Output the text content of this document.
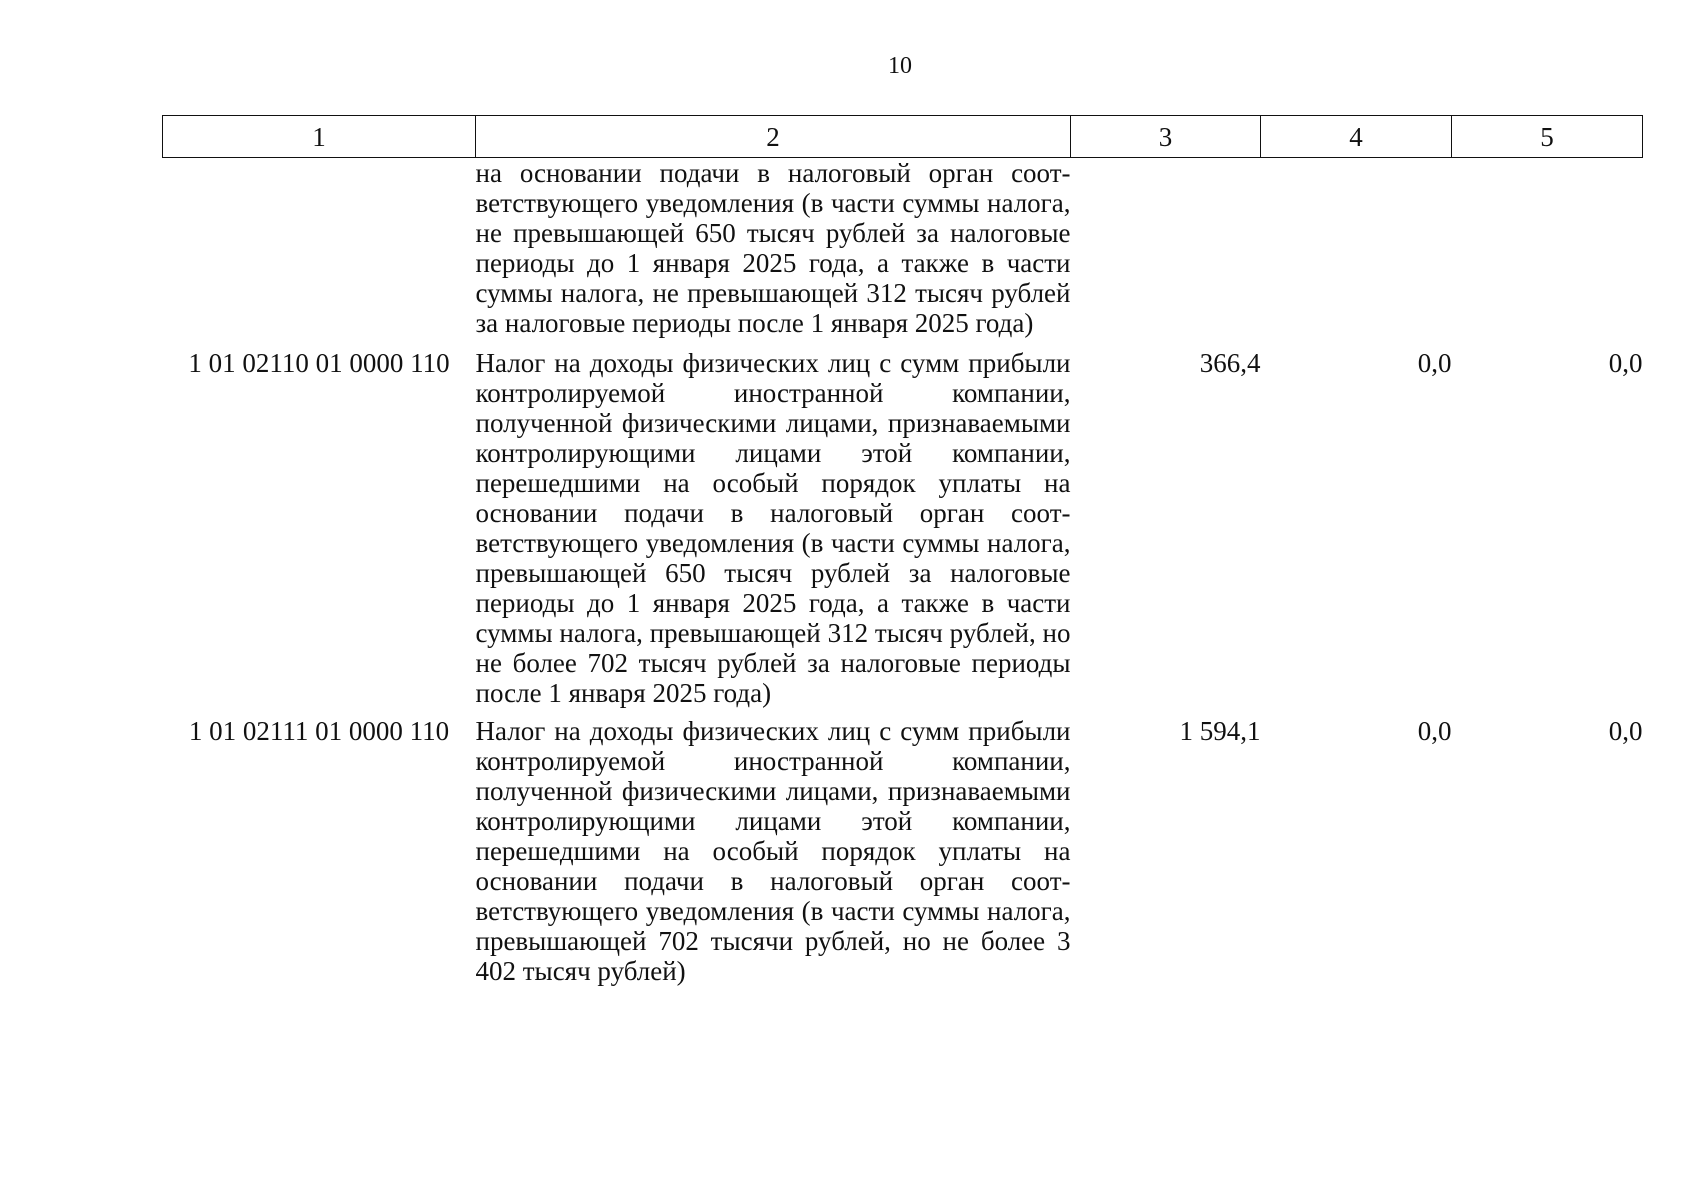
10
1	2	3	4	5
	на основании подачи в налоговый орган соответствующего уведомления (в части суммы налога, не превышающей 650 тысяч рублей за налоговые периоды до 1 января 2025 года, а также в части суммы налога, не превышающей 312 тысяч рублей за налоговые периоды после 1 января 2025 года)			
1 01 02110 01 0000 110	Налог на доходы физических лиц с сумм прибыли контролируемой иностранной компании, полученной физическими лицами, признаваемыми контролирующими лицами этой компании, перешедшими на особый порядок уплаты на основании подачи в налоговый орган соответствующего уведомления (в части суммы налога, превышающей 650 тысяч рублей за налоговые периоды до 1 января 2025 года, а также в части суммы налога, превышающей 312 тысяч рублей, но не более 702 тысяч рублей за налоговые периоды после 1 января 2025 года)	366,4	0,0	0,0
1 01 02111 01 0000 110	Налог на доходы физических лиц с сумм прибыли контролируемой иностранной компании, полученной физическими лицами, признаваемыми контролирующими лицами этой компании, перешедшими на особый порядок уплаты на основании подачи в налоговый орган соответствующего уведомления (в части суммы налога, превышающей 702 тысячи рублей, но не более 3 402 тысяч рублей)	1 594,1	0,0	0,0
